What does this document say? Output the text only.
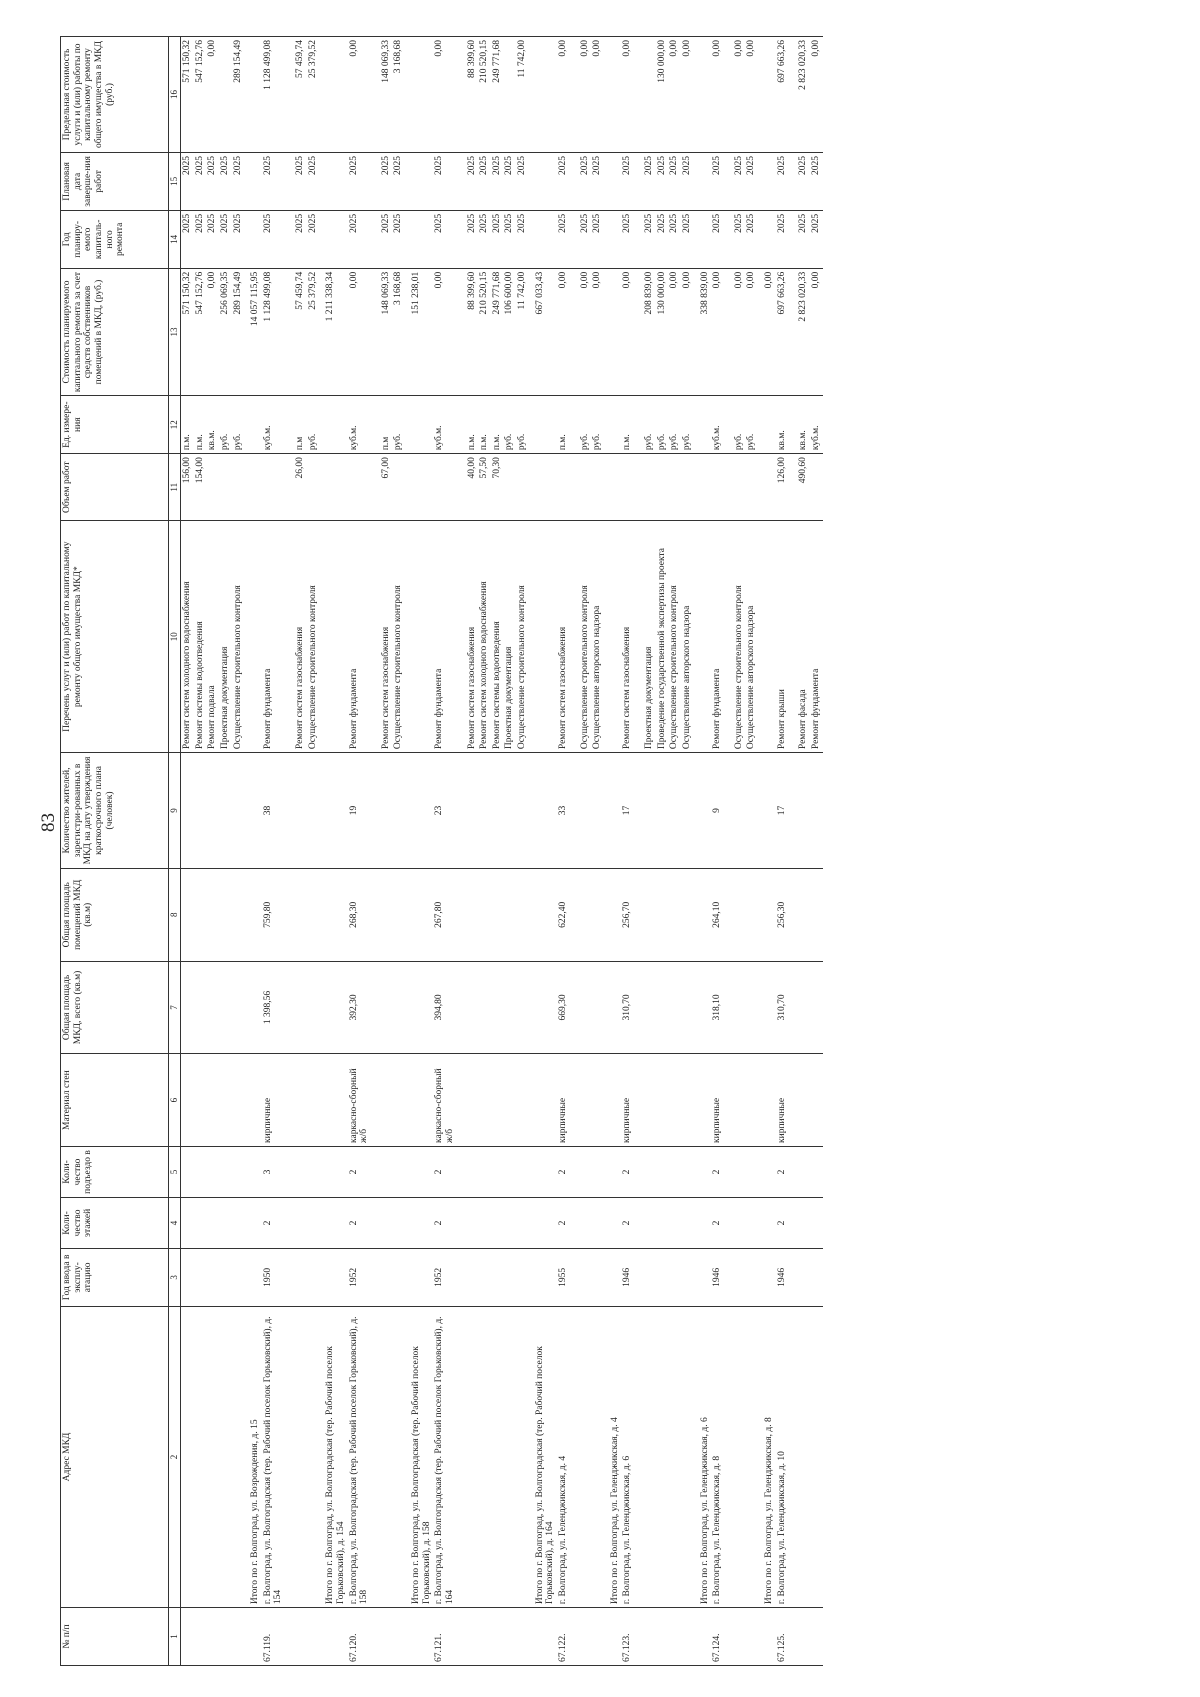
83
№ п/п	Адрес МКД	Год ввода в эксплу-атацию	Коли-чество этажей	Коли-чество подъездо в	Материал стен	Общая площадь МКД, всего (кв.м)	Общая площадь помещений МКД (кв.м)	Количество жителей, зарегистри-рованных в МКД на дату утверждения краткосрочного плана (человек)	Перечень услуг и (или) работ по капитальному ремонту общего имущества МКД*	Объем работ	Ед. измере-ния	Стоимость планируемого капитального ремонта за счет средств собственников помещений в МКД, (руб.)	Год планиру-емого капиталь-ного ремонта	Плановая дата заверше-ния работ	Предельная стоимость услуги и (или) работы по капитальному ремонту общего имущества в МКД (руб.)
1	2	3	4	5	6	7	8	9	10	11	12	13	14	15	16
									Ремонт систем холодного водоснабжения	156,00	п.м.	571 150,32	2025	2025	571 150,32
									Ремонт системы водоотведения	154,00	п.м.	547 152,76	2025	2025	547 152,76
									Ремонт подвала		кв.м.	0,00	2025	2025	0,00
									Проектная документация		руб.	256 069,35	2025	2025	
									Осуществление строительного контроля		руб.	289 154,49	2025	2025	289 154,49
	Итого по г. Волгоград, ул. Возрождения, д. 15											14 057 115,95			
67.119.	г. Волгоград, ул. Волгоградская (тер. Рабочий поселок Горьковский), д. 154	1950	2	3	кирпичные	1 398,56	759,80	38	Ремонт фундамента		куб.м.	1 128 499,08	2025	2025	1 128 499,08
									Ремонт систем газоснабжения	26,00	п.м	57 459,74	2025	2025	57 459,74
									Осуществление строительного контроля		руб.	25 379,52	2025	2025	25 379,52
	Итого по г. Волгоград, ул. Волгоградская (тер. Рабочий поселок Горьковский), д. 154											1 211 338,34			
67.120.	г. Волгоград, ул. Волгоградская (тер. Рабочий поселок Горьковский), д. 158	1952	2	2	каркасно-сборный ж/б	392,30	268,30	19	Ремонт фундамента		куб.м.	0,00	2025	2025	0,00
									Ремонт систем газоснабжения	67,00	п.м	148 069,33	2025	2025	148 069,33
									Осуществление строительного контроля		руб.	3 168,68	2025	2025	3 168,68
	Итого по г. Волгоград, ул. Волгоградская (тер. Рабочий поселок Горьковский), д. 158											151 238,01			
67.121.	г. Волгоград, ул. Волгоградская (тер. Рабочий поселок Горьковский), д. 164	1952	2	2	каркасно-сборный ж/б	394,80	267,80	23	Ремонт фундамента		куб.м.	0,00	2025	2025	0,00
									Ремонт систем газоснабжения	40,00	п.м.	88 399,60	2025	2025	88 399,60
									Ремонт систем холодного водоснабжения	57,50	п.м.	210 520,15	2025	2025	210 520,15
									Ремонт системы водоотведения	70,30	п.м.	249 771,68	2025	2025	249 771,68
									Проектная документация		руб.	106 600,00	2025	2025	
									Осуществление строительного контроля		руб.	11 742,00	2025	2025	11 742,00
	Итого по г. Волгоград, ул. Волгоградская (тер. Рабочий поселок Горьковский), д. 164											667 033,43			
67.122.	г. Волгоград, ул. Геленджикская, д. 4	1955	2	2	кирпичные	669,30	622,40	33	Ремонт систем газоснабжения		п.м.	0,00	2025	2025	0,00
									Осуществление строительного контроля		руб.	0,00	2025	2025	0,00
									Осуществление авторского надзора		руб.	0,00	2025	2025	0,00
	Итого по г. Волгоград, ул. Геленджикская, д. 4														
67.123.	г. Волгоград, ул. Геленджикская, д. 6	1946	2	2	кирпичные	310,70	256,70	17	Ремонт систем газоснабжения		п.м.	0,00	2025	2025	0,00
									Проектная документация		руб.	208 839,00	2025	2025	
									Проведение государственной экспертизы проекта		руб.	130 000,00	2025	2025	130 000,00
									Осуществление строительного контроля		руб.	0,00	2025	2025	0,00
									Осуществление авторского надзора		руб.	0,00	2025	2025	0,00
	Итого по г. Волгоград, ул. Геленджикская, д. 6											338 839,00			
67.124.	г. Волгоград, ул. Геленджикская, д. 8	1946	2	2	кирпичные	318,10	264,10	9	Ремонт фундамента		куб.м.	0,00	2025	2025	0,00
									Осуществление строительного контроля		руб.	0,00	2025	2025	0,00
									Осуществление авторского надзора		руб.	0,00	2025	2025	0,00
	Итого по г. Волгоград, ул. Геленджикская, д. 8											0,00			
67.125.	г. Волгоград, ул. Геленджикская, д. 10	1946	2	2	кирпичные	310,70	256,30	17	Ремонт крыши	126,00	кв.м.	697 663,26	2025	2025	697 663,26
									Ремонт фасада	490,60	кв.м.	2 823 020,33	2025	2025	2 823 020,33
									Ремонт фундамента		куб.м.	0,00	2025	2025	0,00
